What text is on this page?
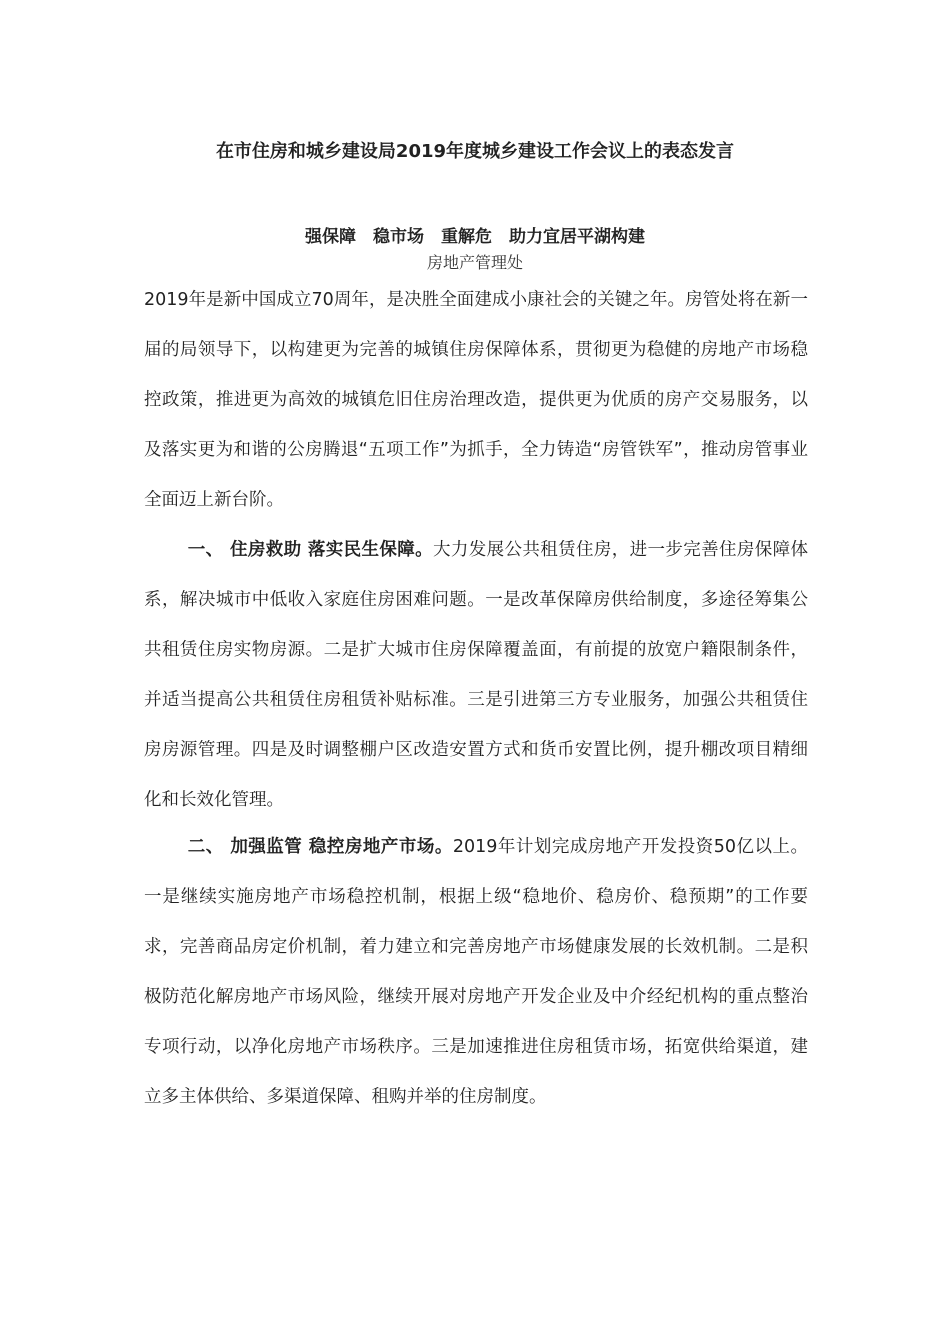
在市住房和城乡建设局2019年度城乡建设工作会议上的表态发言
强保障　稳市场　重解危　助力宜居平湖构建
房地产管理处

2019年是新中国成立70周年，是决胜全面建成小康社会的关键之年。房管处将在新一届的局领导下，以构建更为完善的城镇住房保障体系，贯彻更为稳健的房地产市场稳控政策，推进更为高效的城镇危旧住房治理改造，提供更为优质的房产交易服务，以及落实更为和谐的公房腾退“五项工作”为抓手，全力铸造“房管铁军”，推动房管事业全面迈上新台阶。

一、 住房救助 落实民生保障。大力发展公共租赁住房，进一步完善住房保障体系，解决城市中低收入家庭住房困难问题。一是改革保障房供给制度，多途径筹集公共租赁住房实物房源。二是扩大城市住房保障覆盖面，有前提的放宽户籍限制条件，并适当提高公共租赁住房租赁补贴标准。三是引进第三方专业服务，加强公共租赁住房房源管理。四是及时调整棚户区改造安置方式和货币安置比例，提升棚改项目精细化和长效化管理。

二、 加强监管 稳控房地产市场。2019年计划完成房地产开发投资50亿以上。一是继续实施房地产市场稳控机制，根据上级“稳地价、稳房价、稳预期”的工作要求，完善商品房定价机制，着力建立和完善房地产市场健康发展的长效机制。二是积极防范化解房地产市场风险，继续开展对房地产开发企业及中介经纪机构的重点整治专项行动，以净化房地产市场秩序。三是加速推进住房租赁市场，拓宽供给渠道，建立多主体供给、多渠道保障、租购并举的住房制度。
